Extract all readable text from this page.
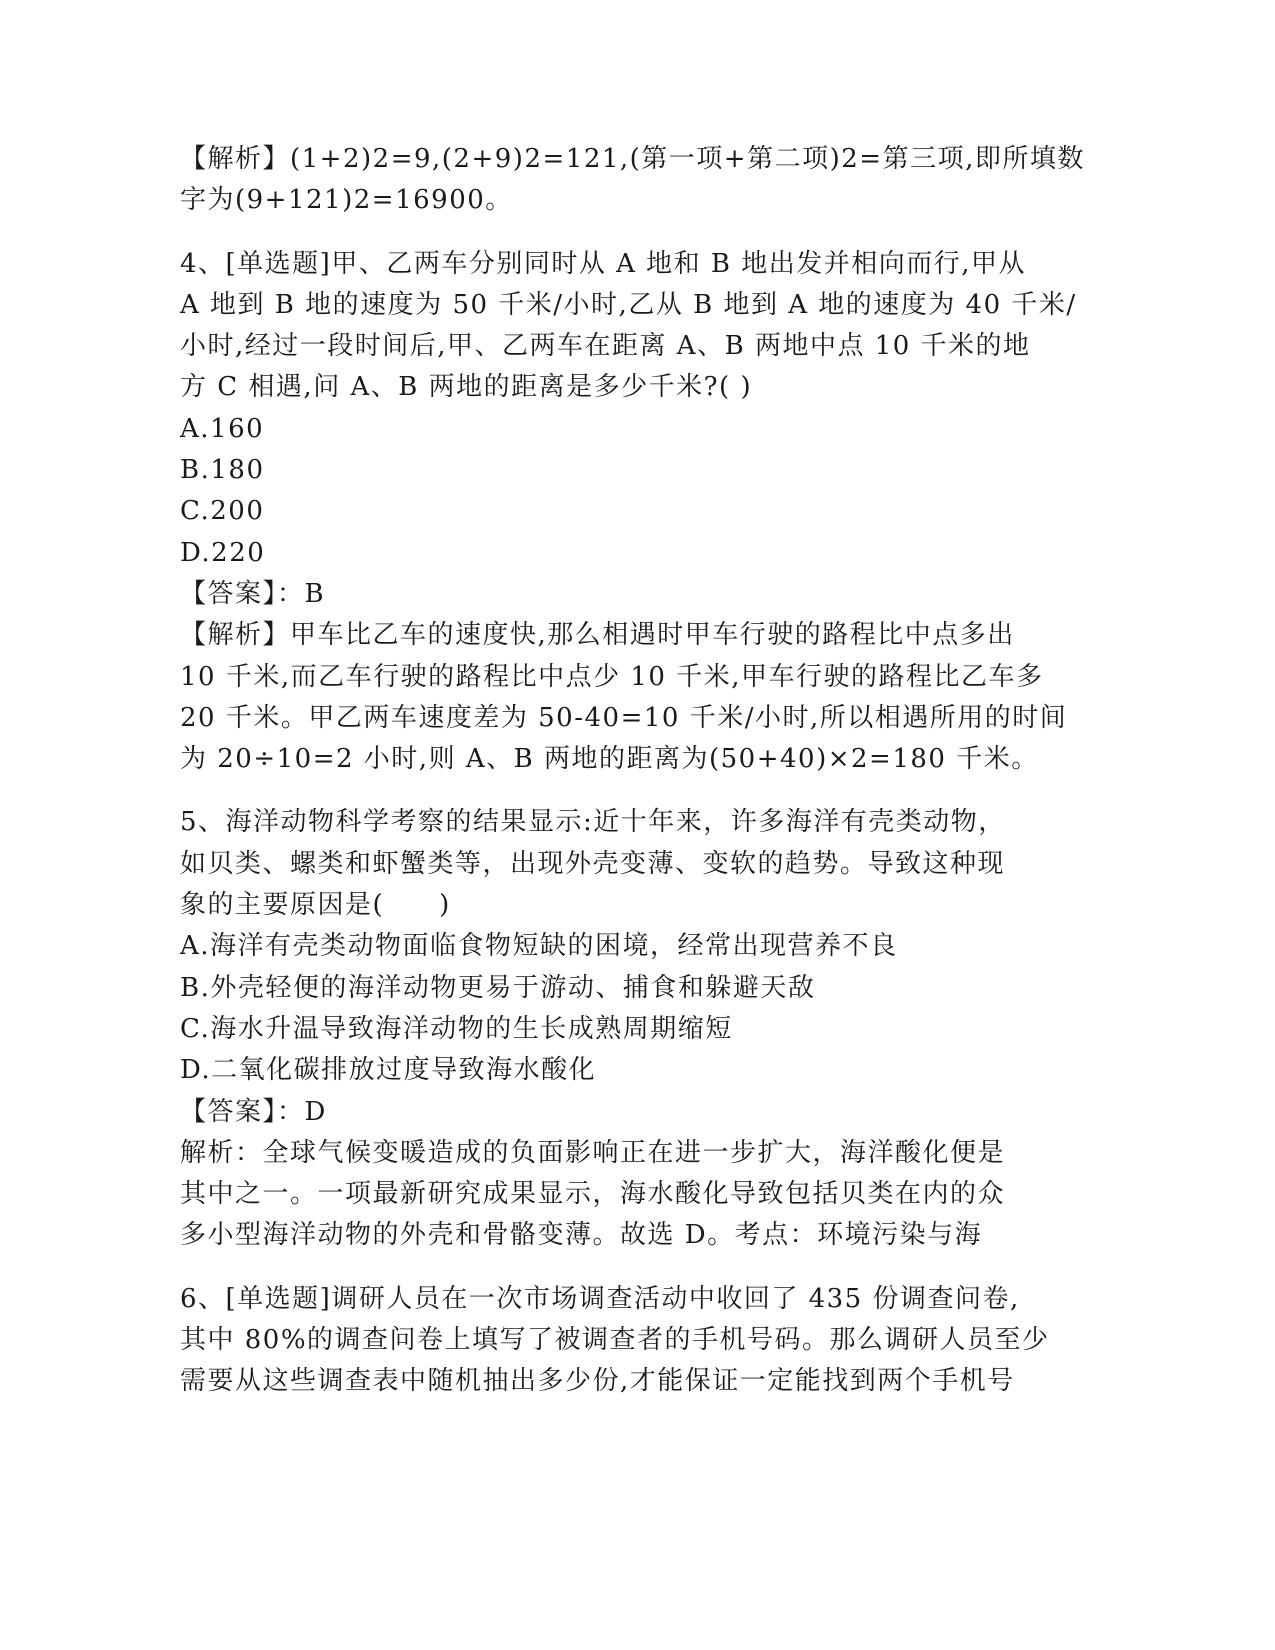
【解析】(1+2)2=9,(2+9)2=121,(第一项+第二项)2=第三项,即所填数
字为(9+121)2=16900。
4、[单选题]甲、乙两车分别同时从 A 地和 B 地出发并相向而行,甲从
A 地到 B 地的速度为 50 千米/小时,乙从 B 地到 A 地的速度为 40 千米/
小时,经过一段时间后,甲、乙两车在距离 A、B 两地中点 10 千米的地
方 C 相遇,问 A、B 两地的距离是多少千米?( )
A.160
B.180
C.200
D.220
【答案】：B
【解析】甲车比乙车的速度快,那么相遇时甲车行驶的路程比中点多出
10 千米,而乙车行驶的路程比中点少 10 千米,甲车行驶的路程比乙车多
20 千米。甲乙两车速度差为 50-40=10 千米/小时,所以相遇所用的时间
为 20÷10=2 小时,则 A、B 两地的距离为(50+40)×2=180 千米。
5、海洋动物科学考察的结果显示:近十年来，许多海洋有壳类动物，
如贝类、螺类和虾蟹类等，出现外壳变薄、变软的趋势。导致这种现
象的主要原因是(　　)
A.海洋有壳类动物面临食物短缺的困境，经常出现营养不良
B.外壳轻便的海洋动物更易于游动、捕食和躲避天敌
C.海水升温导致海洋动物的生长成熟周期缩短
D.二氧化碳排放过度导致海水酸化
【答案】：D
解析：全球气候变暖造成的负面影响正在进一步扩大，海洋酸化便是
其中之一。一项最新研究成果显示，海水酸化导致包括贝类在内的众
多小型海洋动物的外壳和骨骼变薄。故选 D。考点：环境污染与海
6、[单选题]调研人员在一次市场调查活动中收回了 435 份调查问卷,
其中 80%的调查问卷上填写了被调查者的手机号码。那么调研人员至少
需要从这些调查表中随机抽出多少份,才能保证一定能找到两个手机号
